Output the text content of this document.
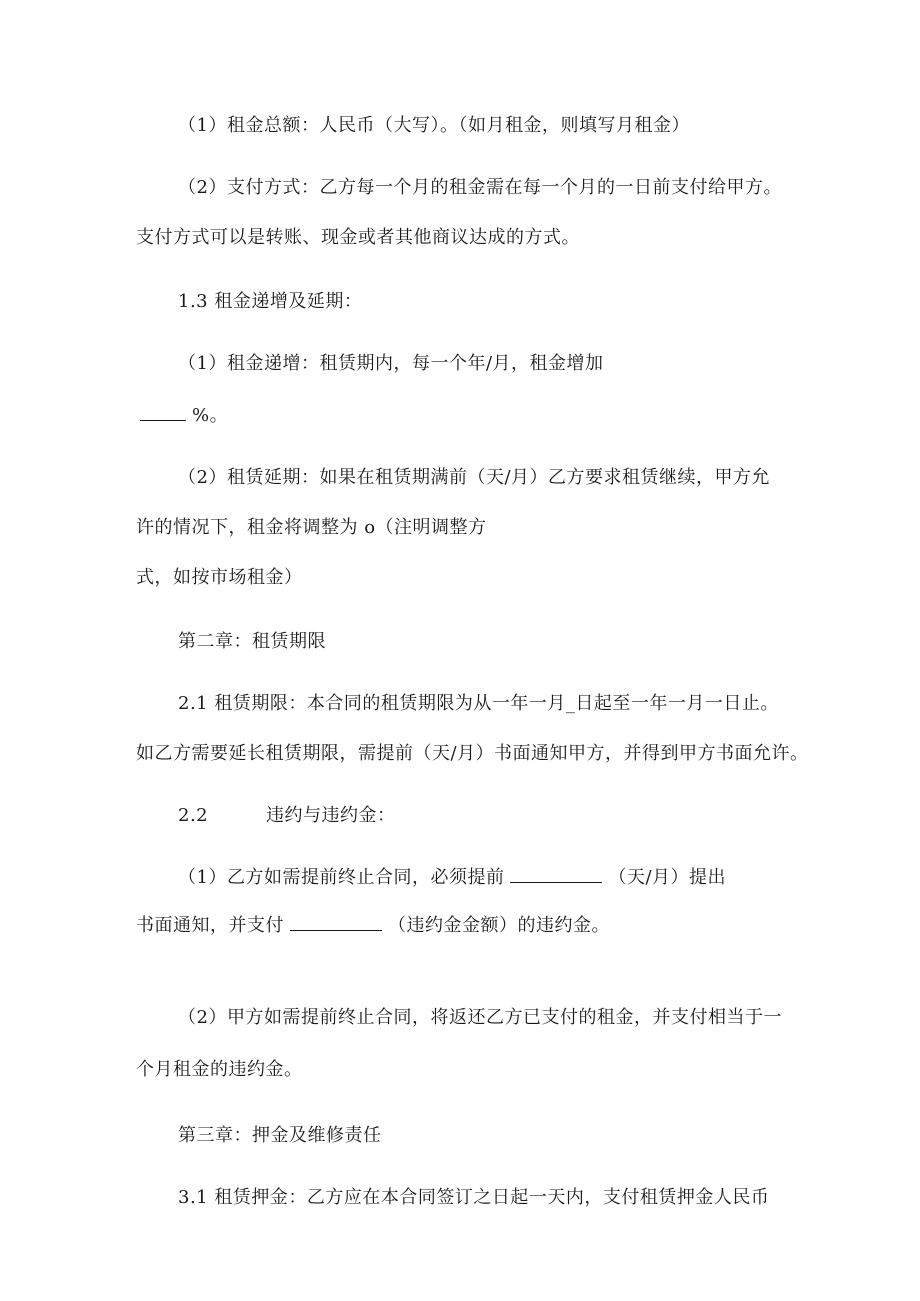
（1）租金总额：人民币（大写）。（如月租金，则填写月租金）
（2）支付方式：乙方每一个月的租金需在每一个月的一日前支付给甲方。
支付方式可以是转账、现金或者其他商议达成的方式。
1.3 租金递增及延期：
（1）租金递增：租赁期内，每一个年/月，租金增加
%。
（2）租赁延期：如果在租赁期满前（天/月）乙方要求租赁继续，甲方允
许的情况下，租金将调整为 o（注明调整方
式，如按市场租金）
第二章：租赁期限
2.1 租赁期限：本合同的租赁期限为从一年一月_日起至一年一月一日止。
如乙方需要延长租赁期限，需提前（天/月）书面通知甲方，并得到甲方书面允许。
2.2	违约与违约金：
（1）乙方如需提前终止合同，必须提前	（天/月）提出
书面通知，并支付	（违约金金额）的违约金。
（2）甲方如需提前终止合同，将返还乙方已支付的租金，并支付相当于一
个月租金的违约金。
第三章：押金及维修责任
3.1 租赁押金：乙方应在本合同签订之日起一天内，支付租赁押金人民币
